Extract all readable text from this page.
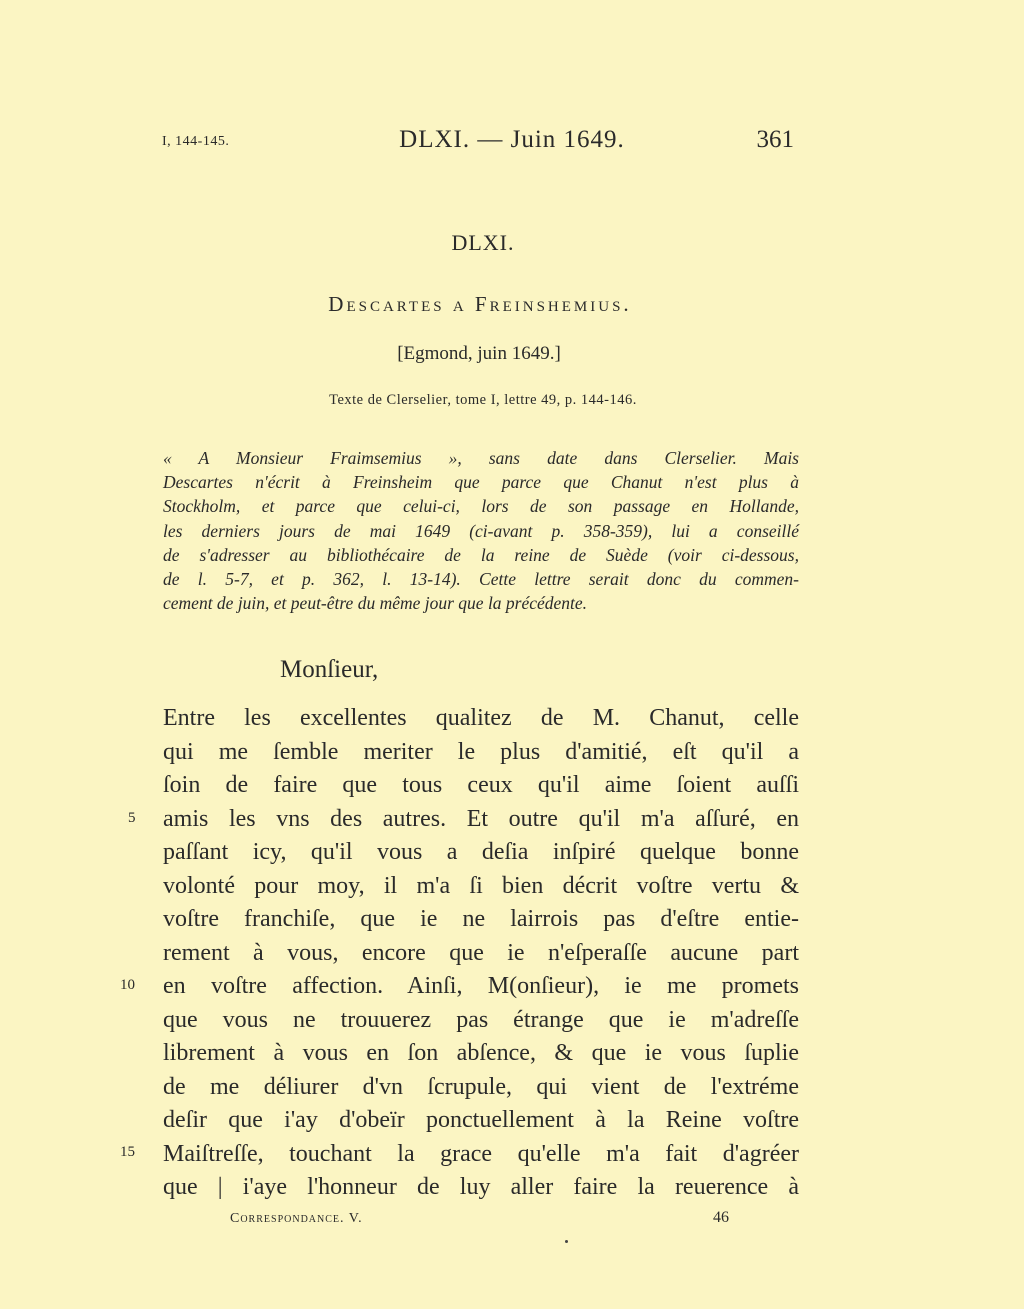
I, 144-145.	DLXI. — Juin 1649.	361
DLXI.
Descartes a Freinshemius.
[Egmond, juin 1649.]
Texte de Clerselier, tome I, lettre 49, p. 144-146.
« A Monsieur Fraimsemius », sans date dans Clerselier. Mais
Descartes n'écrit à Freinsheim que parce que Chanut n'est plus à
Stockholm, et parce que celui-ci, lors de son passage en Hollande,
les derniers jours de mai 1649 (ci-avant p. 358-359), lui a conseillé
de s'adresser au bibliothécaire de la reine de Suède (voir ci-dessous,
de l. 5-7, et p. 362, l. 13-14). Cette lettre serait donc du commen-
cement de juin, et peut-être du même jour que la précédente.
Monſieur,
Entre les excellentes qualitez de M. Chanut, celle
qui me ſemble meriter le plus d'amitié, eſt qu'il a
ſoin de faire que tous ceux qu'il aime ſoient auſſi
amis les vns des autres. Et outre qu'il m'a aſſuré, en
paſſant icy, qu'il vous a deſia inſpiré quelque bonne
volonté pour moy, il m'a ſi bien décrit voſtre vertu &
voſtre franchiſe, que ie ne lairrois pas d'eſtre entie-
rement à vous, encore que ie n'eſperaſſe aucune part
en voſtre affection. Ainſi, M(onſieur), ie me promets
que vous ne trouuerez pas étrange que ie m'adreſſe
librement à vous en ſon abſence, & que ie vous ſuplie
de me déliurer d'vn ſcrupule, qui vient de l'extréme
deſir que i'ay d'obeïr ponctuellement à la Reine voſtre
Maiſtreſſe, touchant la grace qu'elle m'a fait d'agréer
que | i'aye l'honneur de luy aller faire la reuerence à
5
10
15
Correspondance. V.	46
